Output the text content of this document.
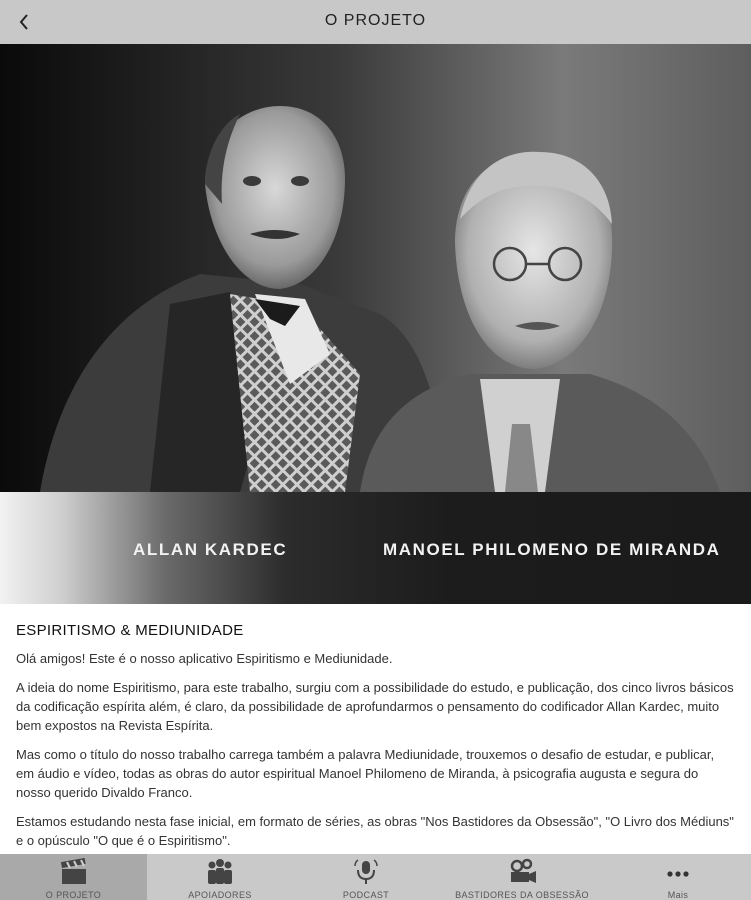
O PROJETO
ALLAN KARDEC	MANOEL PHILOMENO DE MIRANDA
ESPIRITISMO & MEDIUNIDADE

Olá amigos! Este é o nosso aplicativo Espiritismo e Mediunidade.

A ideia do nome Espiritismo, para este trabalho, surgiu com a possibilidade do estudo, e publicação, dos cinco livros básicos da codificação espírita além, é claro, da possibilidade de aprofundarmos o pensamento do codificador Allan Kardec, muito bem expostos na Revista Espírita.

Mas como o título do nosso trabalho carrega também a palavra Mediunidade, trouxemos o desafio de estudar, e publicar, em áudio e vídeo, todas as obras do autor espiritual Manoel Philomeno de Miranda, à psicografia augusta e segura do nosso querido Divaldo Franco.

Estamos estudando nesta fase inicial, em formato de séries, as obras "Nos Bastidores da Obsessão", "O Livro dos Médiuns" e o opúsculo "O que é o Espiritismo".

O PROJETO	APOIADORES	PODCAST	BASTIDORES DA OBSESSÃO	Mais
